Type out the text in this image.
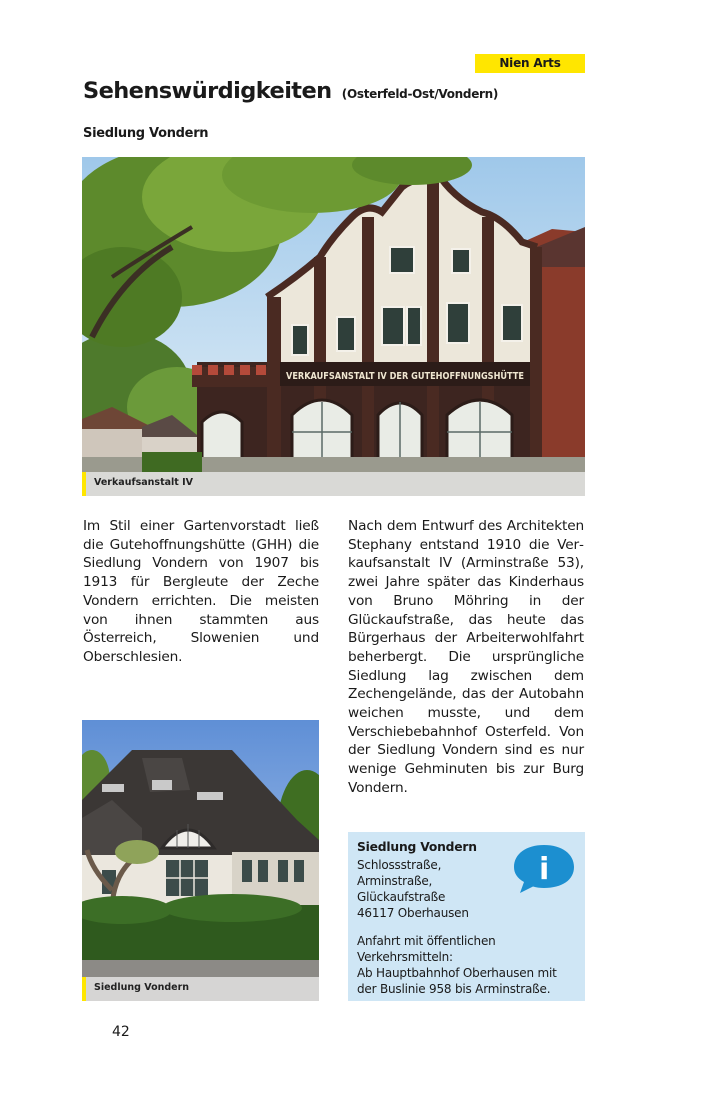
Nien Arts
Sehenswürdigkeiten (Osterfeld-Ost/Vondern)
Siedlung Vondern
VERKAUFSANSTALT IV DER GUTEHOFFNUNGSHÜTTE
Verkaufsanstalt IV
Im Stil einer Gartenvorstadt ließ die Gutehoffnungshütte (GHH) die Siedlung Vondern von 1907 bis 1913 für Bergleute der Zeche Vondern errichten. Die meisten von ihnen stammten aus Österreich, Slowenien und Oberschlesien.
Nach dem Entwurf des Architekten Stephany entstand 1910 die Verkaufsanstalt IV (Arminstraße 53), zwei Jahre später das Kinderhaus von Bruno Möhring in der Glückaufstraße, das heute das Bürgerhaus der Arbeiterwohlfahrt beherbergt. Die ursprüngliche Siedlung lag zwischen dem Zechengelände, das der Autobahn weichen musste, und dem Verschiebebahnhof Osterfeld. Von der Siedlung Vondern sind es nur wenige Gehminuten bis zur Burg Vondern.
Siedlung Vondern
Siedlung Vondern
Schlossstraße,
Arminstraße,
Glückaufstraße
46117 Oberhausen
Anfahrt mit öffentlichen
Verkehrsmitteln:
Ab Hauptbahnhof Oberhausen mit
der Buslinie 958 bis Arminstraße.
i
42
